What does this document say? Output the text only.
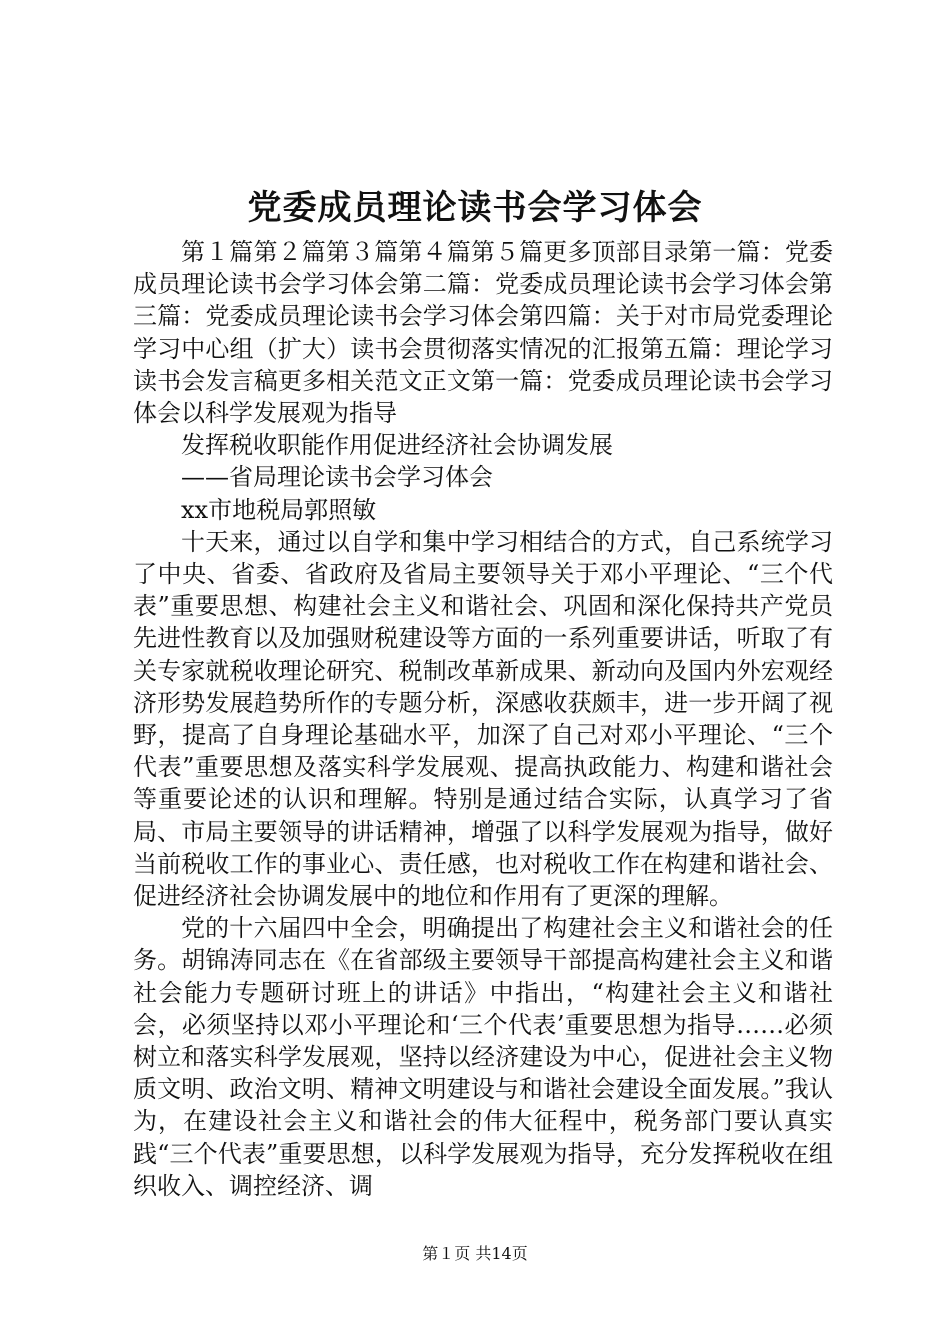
党委成员理论读书会学习体会

第１篇第２篇第３篇第４篇第５篇更多顶部目录第一篇：党委成员理论读书会学习体会第二篇：党委成员理论读书会学习体会第三篇：党委成员理论读书会学习体会第四篇：关于对市局党委理论学习中心组（扩大）读书会贯彻落实情况的汇报第五篇：理论学习读书会发言稿更多相关范文正文第一篇：党委成员理论读书会学习体会以科学发展观为指导

发挥税收职能作用促进经济社会协调发展

——省局理论读书会学习体会

xx市地税局郭照敏

十天来，通过以自学和集中学习相结合的方式，自己系统学习了中央、省委、省政府及省局主要领导关于邓小平理论、“三个代表”重要思想、构建社会主义和谐社会、巩固和深化保持共产党员先进性教育以及加强财税建设等方面的一系列重要讲话，听取了有关专家就税收理论研究、税制改革新成果、新动向及国内外宏观经济形势发展趋势所作的专题分析，深感收获颇丰，进一步开阔了视野，提高了自身理论基础水平，加深了自己对邓小平理论、“三个代表”重要思想及落实科学发展观、提高执政能力、构建和谐社会等重要论述的认识和理解。特别是通过结合实际，认真学习了省局、市局主要领导的讲话精神，增强了以科学发展观为指导，做好当前税收工作的事业心、责任感，也对税收工作在构建和谐社会、促进经济社会协调发展中的地位和作用有了更深的理解。

党的十六届四中全会，明确提出了构建社会主义和谐社会的任务。胡锦涛同志在《在省部级主要领导干部提高构建社会主义和谐社会能力专题研讨班上的讲话》中指出，“构建社会主义和谐社会，必须坚持以邓小平理论和‘三个代表’重要思想为指导……必须树立和落实科学发展观，坚持以经济建设为中心，促进社会主义物质文明、政治文明、精神文明建设与和谐社会建设全面发展。”我认为，在建设社会主义和谐社会的伟大征程中，税务部门要认真实践“三个代表”重要思想，以科学发展观为指导，充分发挥税收在组织收入、调控经济、调

第１页 共14页
